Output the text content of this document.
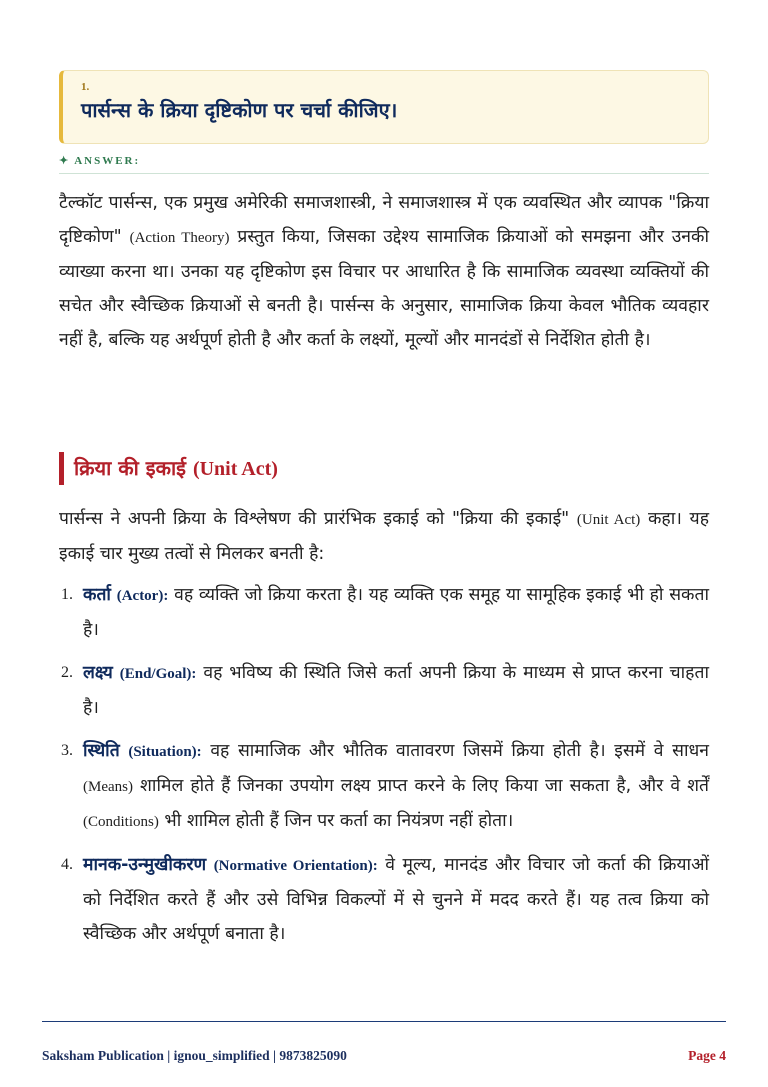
1.
पार्सन्स के क्रिया दृष्टिकोण पर चर्चा कीजिए।
✦ ANSWER:

टैल्कॉट पार्सन्स, एक प्रमुख अमेरिकी समाजशास्त्री, ने समाजशास्त्र में एक व्यवस्थित और व्यापक "क्रिया दृष्टिकोण" (Action Theory) प्रस्तुत किया, जिसका उद्देश्य सामाजिक क्रियाओं को समझना और उनकी व्याख्या करना था। उनका यह दृष्टिकोण इस विचार पर आधारित है कि सामाजिक व्यवस्था व्यक्तियों की सचेत और स्वैच्छिक क्रियाओं से बनती है। पार्सन्स के अनुसार, सामाजिक क्रिया केवल भौतिक व्यवहार नहीं है, बल्कि यह अर्थपूर्ण होती है और कर्ता के लक्ष्यों, मूल्यों और मानदंडों से निर्देशित होती है।

क्रिया की इकाई (Unit Act)

पार्सन्स ने अपनी क्रिया के विश्लेषण की प्रारंभिक इकाई को "क्रिया की इकाई" (Unit Act) कहा। यह इकाई चार मुख्य तत्वों से मिलकर बनती है:

1. कर्ता (Actor): वह व्यक्ति जो क्रिया करता है। यह व्यक्ति एक समूह या सामूहिक इकाई भी हो सकता है।
2. लक्ष्य (End/Goal): वह भविष्य की स्थिति जिसे कर्ता अपनी क्रिया के माध्यम से प्राप्त करना चाहता है।
3. स्थिति (Situation): वह सामाजिक और भौतिक वातावरण जिसमें क्रिया होती है। इसमें वे साधन (Means) शामिल होते हैं जिनका उपयोग लक्ष्य प्राप्त करने के लिए किया जा सकता है, और वे शर्तें (Conditions) भी शामिल होती हैं जिन पर कर्ता का नियंत्रण नहीं होता।
4. मानक-उन्मुखीकरण (Normative Orientation): वे मूल्य, मानदंड और विचार जो कर्ता की क्रियाओं को निर्देशित करते हैं और उसे विभिन्न विकल्पों में से चुनने में मदद करते हैं। यह तत्व क्रिया को स्वैच्छिक और अर्थपूर्ण बनाता है।
Saksham Publication | ignou_simplified | 9873825090	Page 4
